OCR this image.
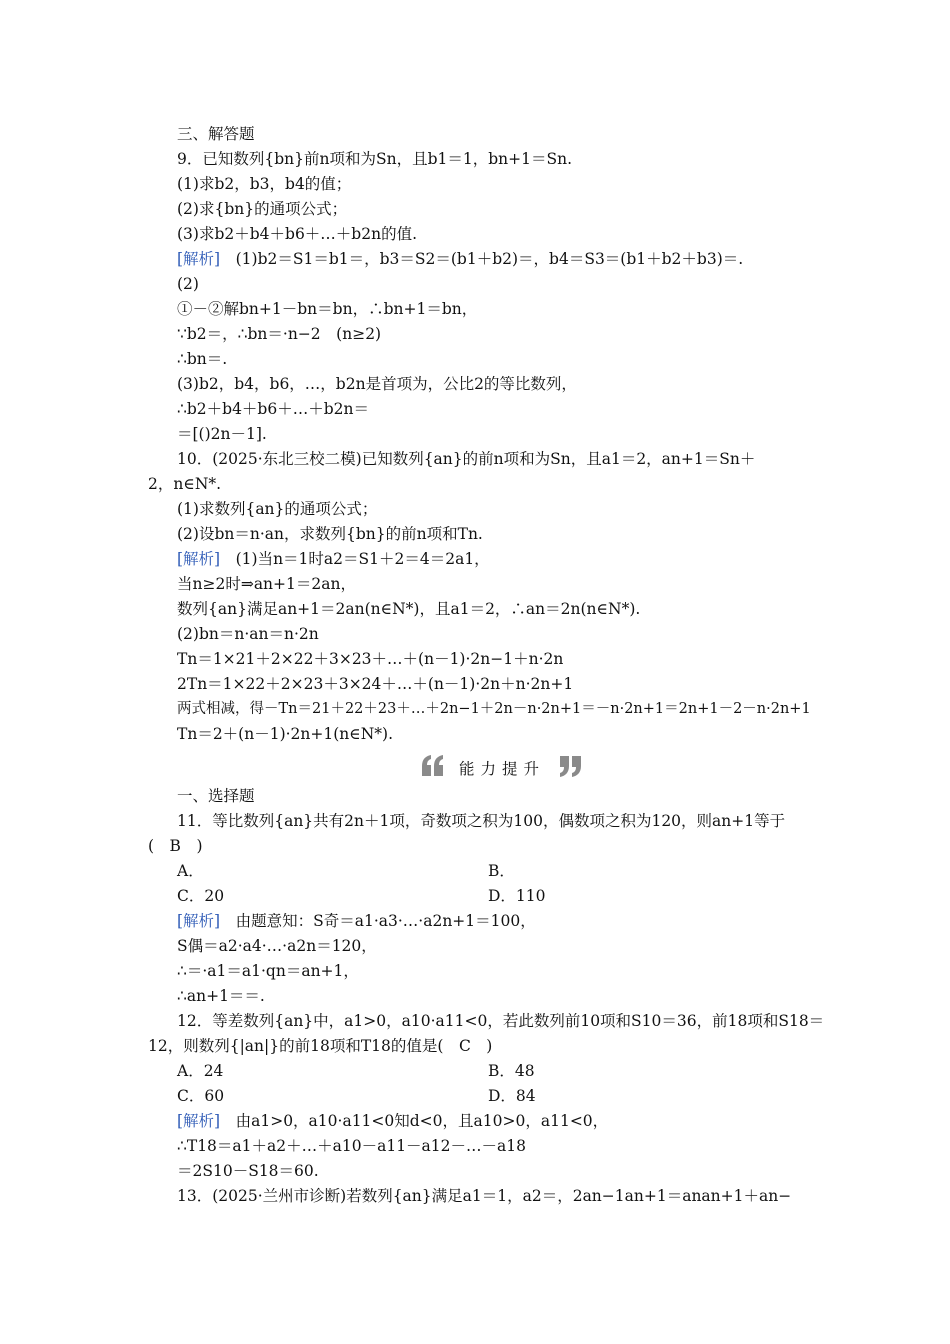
三、解答题
9．已知数列{bn}前n项和为Sn，且b1＝1，bn+1＝Sn.
(1)求b2，b3，b4的值；
(2)求{bn}的通项公式；
(3)求b2＋b4＋b6＋…＋b2n的值.
[解析]　(1)b2＝S1＝b1＝，b3＝S2＝(b1＋b2)＝，b4＝S3＝(b1＋b2＋b3)＝.
(2)
①－②解bn+1－bn＝bn，∴bn+1＝bn，
∵b2＝，∴bn＝·n−2　(n≥2)
∴bn＝.
(3)b2，b4，b6，…，b2n是首项为，公比2的等比数列，
∴b2＋b4＋b6＋…＋b2n＝
＝[()2n－1].
10．(2025·东北三校二模)已知数列{an}的前n项和为Sn，且a1＝2，an+1＝Sn＋
2，n∈N*.
(1)求数列{an}的通项公式；
(2)设bn＝n·an，求数列{bn}的前n项和Tn.
[解析]　(1)当n＝1时a2＝S1＋2＝4＝2a1，
当n≥2时⇒an+1＝2an，
数列{an}满足an+1＝2an(n∈N*)，且a1＝2，∴an＝2n(n∈N*).
(2)bn＝n·an＝n·2n
Tn＝1×21＋2×22＋3×23＋…＋(n－1)·2n−1＋n·2n
2Tn＝1×22＋2×23＋3×24＋…＋(n－1)·2n＋n·2n+1
两式相减，得－Tn＝21＋22＋23＋…＋2n−1＋2n－n·2n+1＝－n·2n+1＝2n+1－2－n·2n+1
Tn＝2＋(n－1)·2n+1(n∈N*).
能力提升
一、选择题
11．等比数列{an}共有2n＋1项，奇数项之积为100，偶数项之积为120，则an+1等于
(　B　)
A．	B．
C．20	D．110
[解析]　由题意知：S奇＝a1·a3·…·a2n+1＝100，
S偶＝a2·a4·…·a2n＝120，
∴＝·a1＝a1·qn＝an+1，
∴an+1＝＝.
12．等差数列{an}中，a1>0，a10·a11<0，若此数列前10项和S10＝36，前18项和S18＝
12，则数列{|an|}的前18项和T18的值是(　C　)
A．24	B．48
C．60	D．84
[解析]　由a1>0，a10·a11<0知d<0，且a10>0，a11<0，
∴T18＝a1＋a2＋…＋a10－a11－a12－…－a18
＝2S10－S18＝60.
13．(2025·兰州市诊断)若数列{an}满足a1＝1，a2＝，2an−1an+1＝anan+1＋an−
